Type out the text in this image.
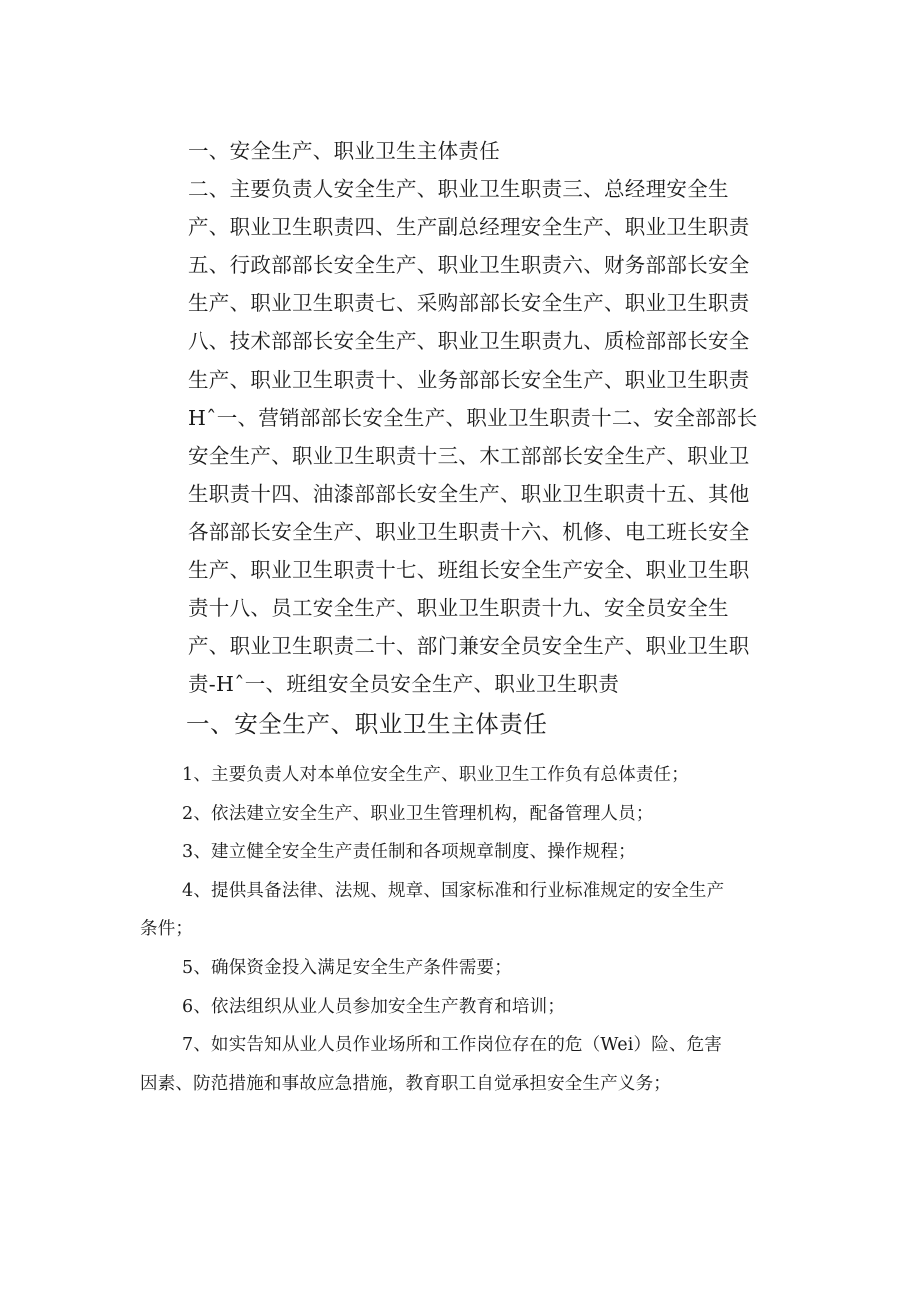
一、安全生产、职业卫生主体责任
二、主要负责人安全生产、职业卫生职责三、总经理安全生
产、职业卫生职责四、生产副总经理安全生产、职业卫生职责
五、行政部部长安全生产、职业卫生职责六、财务部部长安全
生产、职业卫生职责七、采购部部长安全生产、职业卫生职责
八、技术部部长安全生产、职业卫生职责九、质检部部长安全
生产、职业卫生职责十、业务部部长安全生产、职业卫生职责
Hˆ一、营销部部长安全生产、职业卫生职责十二、安全部部长
安全生产、职业卫生职责十三、木工部部长安全生产、职业卫
生职责十四、油漆部部长安全生产、职业卫生职责十五、其他
各部部长安全生产、职业卫生职责十六、机修、电工班长安全
生产、职业卫生职责十七、班组长安全生产安全、职业卫生职
责十八、员工安全生产、职业卫生职责十九、安全员安全生
产、职业卫生职责二十、部门兼安全员安全生产、职业卫生职
责-Hˆ一、班组安全员安全生产、职业卫生职责
一、安全生产、职业卫生主体责任
1、主要负责人对本单位安全生产、职业卫生工作负有总体责任；
2、依法建立安全生产、职业卫生管理机构，配备管理人员；
3、建立健全安全生产责任制和各项规章制度、操作规程；
4、提供具备法律、法规、规章、国家标准和行业标准规定的安全生产
条件；
5、确保资金投入满足安全生产条件需要；
6、依法组织从业人员参加安全生产教育和培训；
7、如实告知从业人员作业场所和工作岗位存在的危（Wei）险、危害
因素、防范措施和事故应急措施，教育职工自觉承担安全生产义务；
